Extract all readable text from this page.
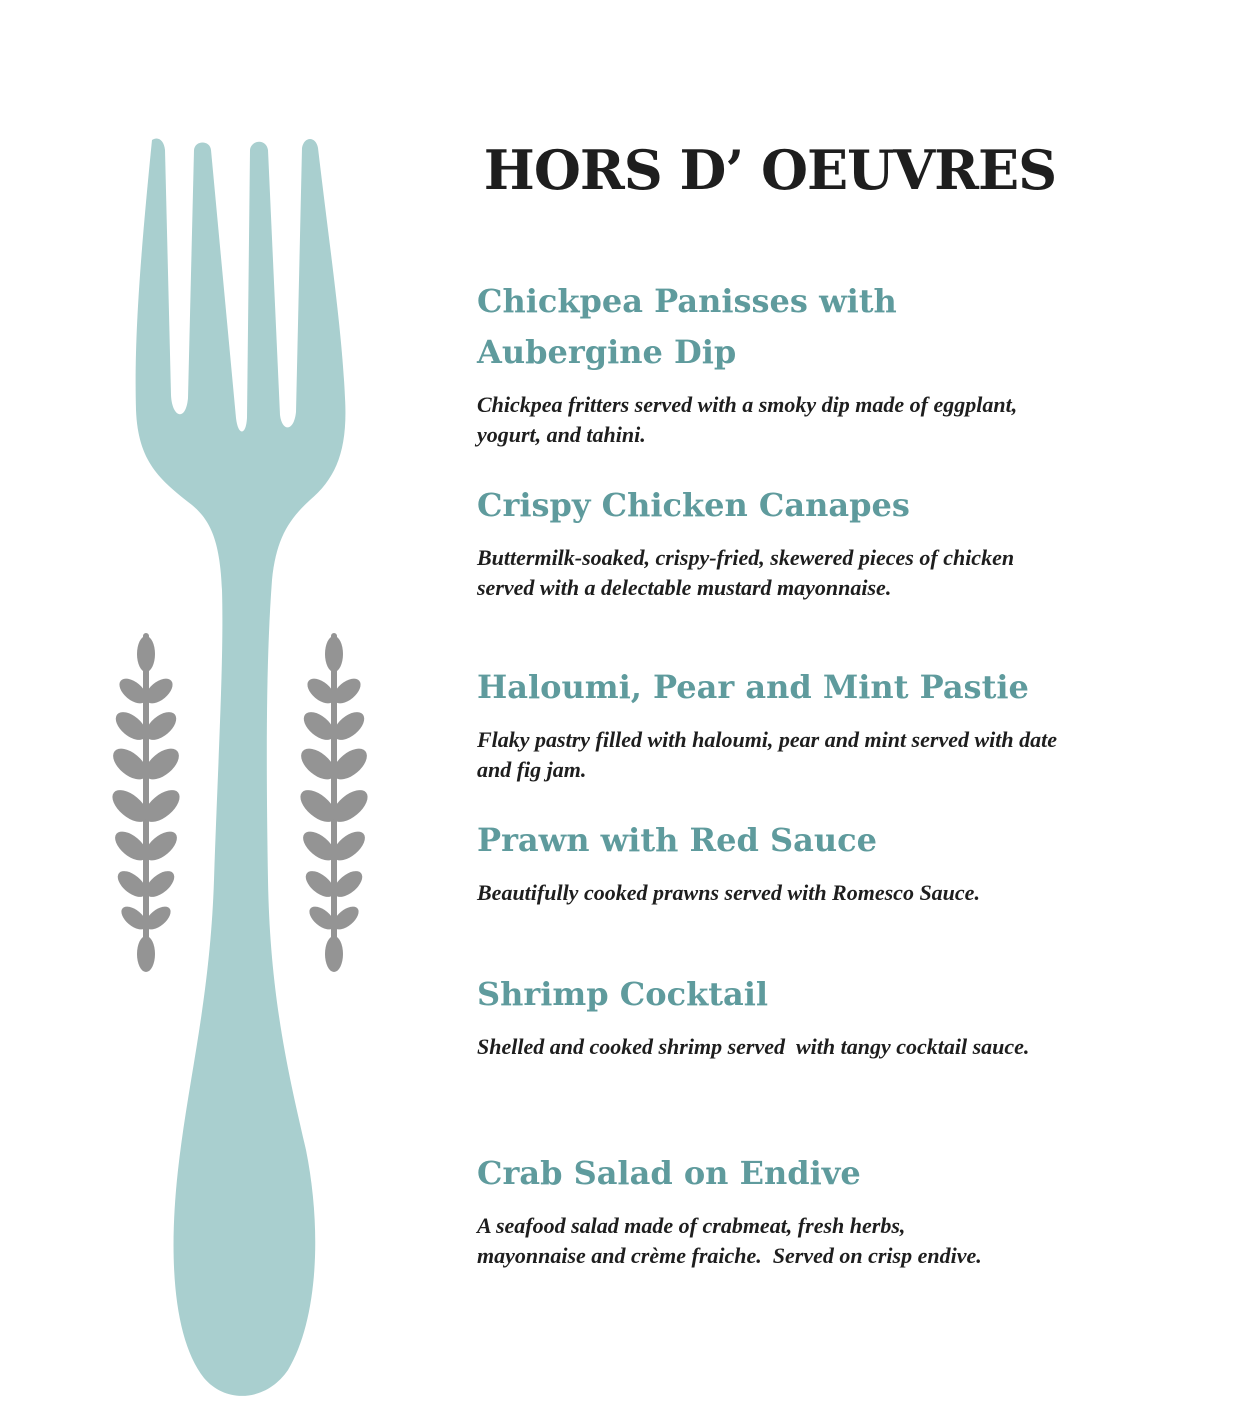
HORS D’ OEUVRES
Chickpea Panisses with Aubergine Dip

Chickpea fritters served with a smoky dip made of eggplant, yogurt, and tahini.

Crispy Chicken Canapes

Buttermilk-soaked, crispy-fried, skewered pieces of chicken served with a delectable mustard mayonnaise.

Haloumi, Pear and Mint Pastie

Flaky pastry filled with haloumi, pear and mint served with date and fig jam.

Prawn with Red Sauce

Beautifully cooked prawns served with Romesco Sauce.

Shrimp Cocktail

Shelled and cooked shrimp served  with tangy cocktail sauce.

Crab Salad on Endive

A seafood salad made of crabmeat, fresh herbs, mayonnaise and crème fraiche.  Served on crisp endive.
